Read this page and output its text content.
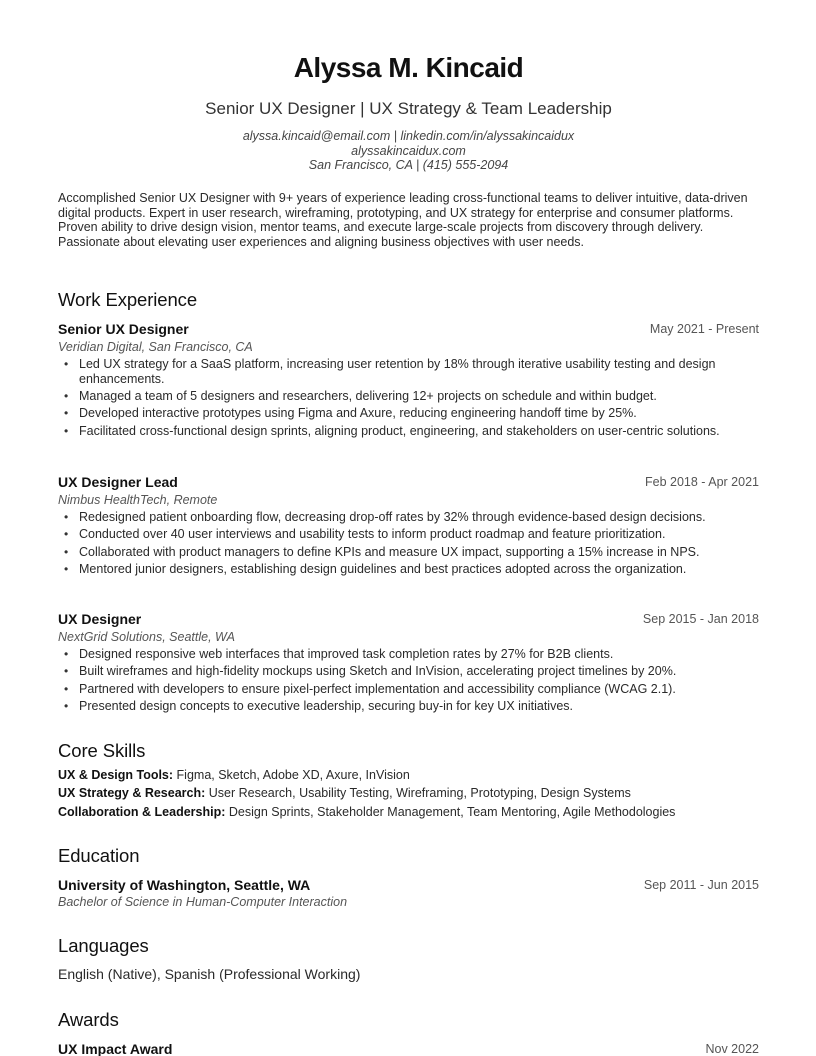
Alyssa M. Kincaid
Senior UX Designer | UX Strategy & Team Leadership
alyssa.kincaid@email.com | linkedin.com/in/alyssakincaidux
alyssakincaidux.com
San Francisco, CA | (415) 555-2094

Accomplished Senior UX Designer with 9+ years of experience leading cross-functional teams to deliver intuitive, data-driven digital products. Expert in user research, wireframing, prototyping, and UX strategy for enterprise and consumer platforms. Proven ability to drive design vision, mentor teams, and execute large-scale projects from discovery through delivery. Passionate about elevating user experiences and aligning business objectives with user needs.

Work Experience
Senior UX Designer	May 2021 - Present
Veridian Digital, San Francisco, CA
• Led UX strategy for a SaaS platform, increasing user retention by 18% through iterative usability testing and design enhancements.
• Managed a team of 5 designers and researchers, delivering 12+ projects on schedule and within budget.
• Developed interactive prototypes using Figma and Axure, reducing engineering handoff time by 25%.
• Facilitated cross-functional design sprints, aligning product, engineering, and stakeholders on user-centric solutions.
UX Designer Lead	Feb 2018 - Apr 2021
Nimbus HealthTech, Remote
• Redesigned patient onboarding flow, decreasing drop-off rates by 32% through evidence-based design decisions.
• Conducted over 40 user interviews and usability tests to inform product roadmap and feature prioritization.
• Collaborated with product managers to define KPIs and measure UX impact, supporting a 15% increase in NPS.
• Mentored junior designers, establishing design guidelines and best practices adopted across the organization.
UX Designer	Sep 2015 - Jan 2018
NextGrid Solutions, Seattle, WA
• Designed responsive web interfaces that improved task completion rates by 27% for B2B clients.
• Built wireframes and high-fidelity mockups using Sketch and InVision, accelerating project timelines by 20%.
• Partnered with developers to ensure pixel-perfect implementation and accessibility compliance (WCAG 2.1).
• Presented design concepts to executive leadership, securing buy-in for key UX initiatives.
Core Skills
UX & Design Tools: Figma, Sketch, Adobe XD, Axure, InVision
UX Strategy & Research: User Research, Usability Testing, Wireframing, Prototyping, Design Systems
Collaboration & Leadership: Design Sprints, Stakeholder Management, Team Mentoring, Agile Methodologies
Education
University of Washington, Seattle, WA	Sep 2011 - Jun 2015
Bachelor of Science in Human-Computer Interaction
Languages
English (Native), Spanish (Professional Working)
Awards
UX Impact Award	Nov 2022
